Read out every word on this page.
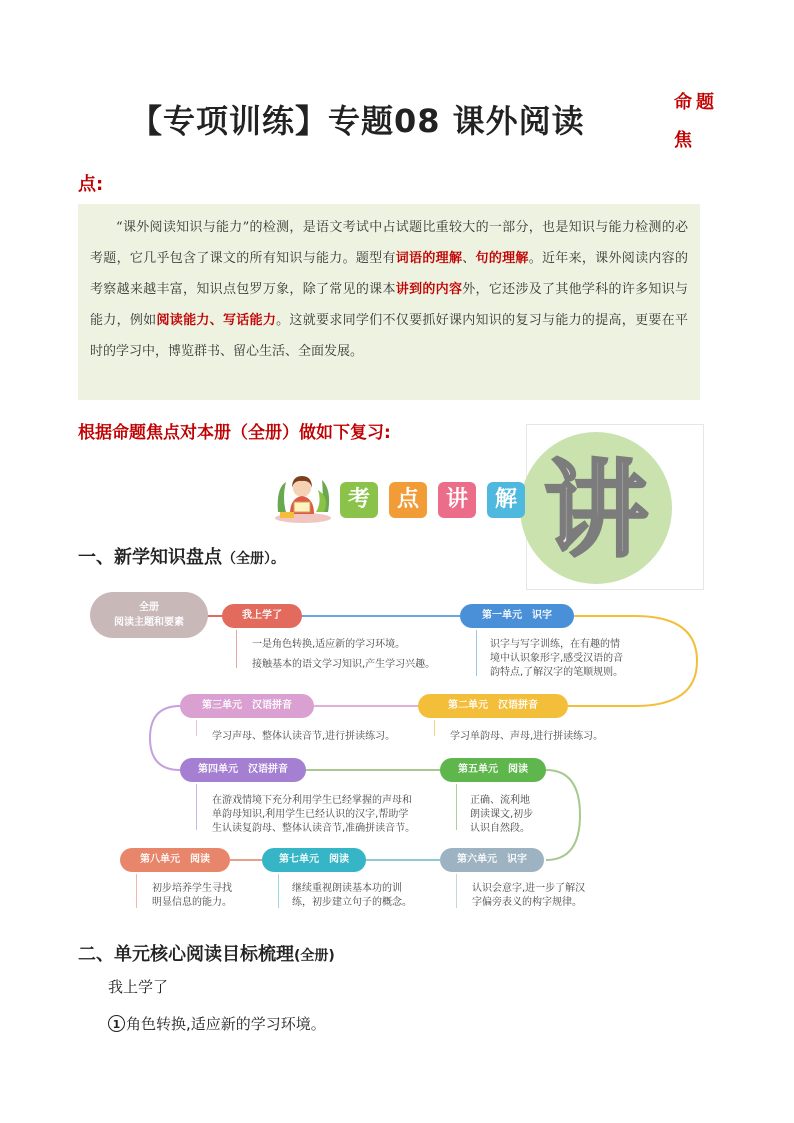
【专项训练】专题08 课外阅读	命题
焦
点:
“课外阅读知识与能力”的检测，是语文考试中占试题比重较大的一部分，也是知识与能力检测的必考题，它几乎包含了课文的所有知识与能力。题型有词语的理解、句的理解。近年来，课外阅读内容的考察越来越丰富，知识点包罗万象，除了常见的课本讲到的内容外，它还涉及了其他学科的许多知识与能力，例如阅读能力、写话能力。这就要求同学们不仅要抓好课内知识的复习与能力的提高，更要在平时的学习中，博览群书、留心生活、全面发展。
根据命题焦点对本册（全册）做如下复习:
讲
考	点	讲	解
一、新学知识盘点（全册）。
全册
阅读主题和要素
我上学了	第一单元　识字
第二单元　汉语拼音
第三单元　汉语拼音
第四单元　汉语拼音	第五单元　阅读
第六单元　识字
第七单元　阅读
第八单元　阅读
一是角色转换,适应新的学习环境。
接触基本的语文学习知识,产生学习兴趣。
识字与写字训练，在有趣的情
境中认识象形字,感受汉语的音
韵特点,了解汉字的笔顺规则。
学习单韵母、声母,进行拼读练习。
学习声母、整体认读音节,进行拼读练习。
在游戏情境下充分利用学生已经掌握的声母和
单韵母知识,利用学生已经认识的汉字,帮助学
生认读复韵母、整体认读音节,准确拼读音节。
正确、流利地
朗读课文,初步
认识自然段。
认识会意字,进一步了解汉
字偏旁表义的构字规律。
继续重视朗读基本功的训
练，初步建立句子的概念。
初步培养学生寻找
明显信息的能力。
二、单元核心阅读目标梳理(全册)
我上学了
1 角色转换,适应新的学习环境。
